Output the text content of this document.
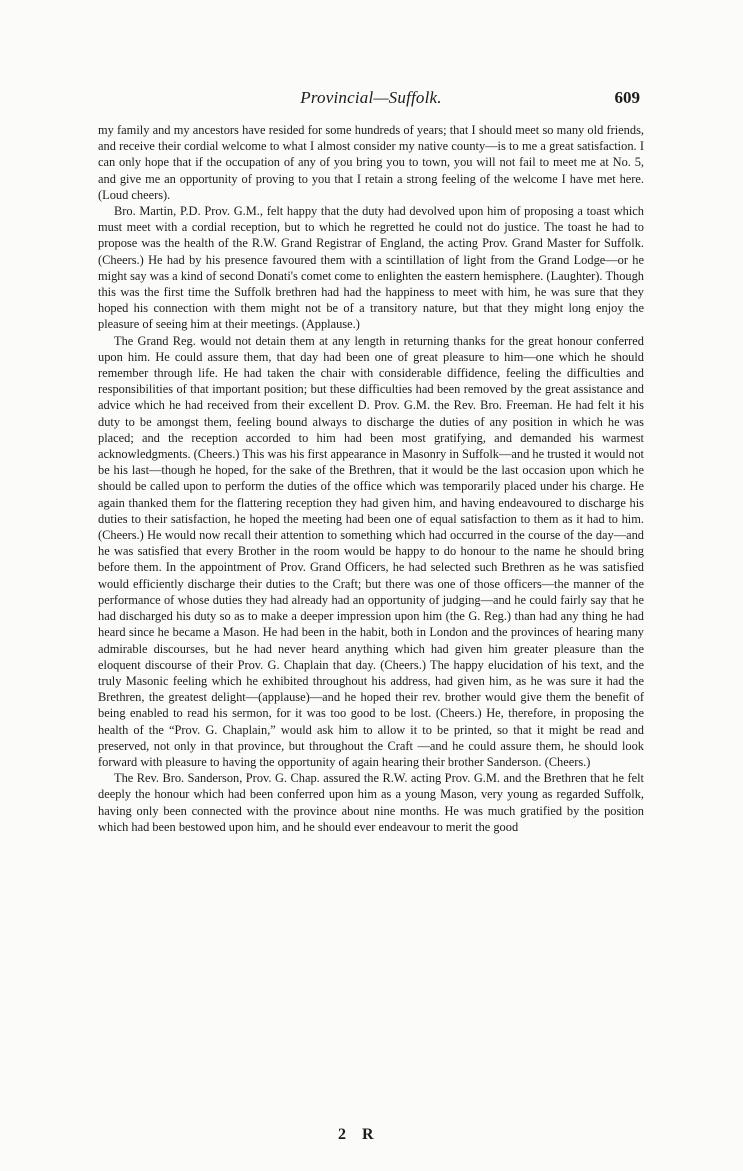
Provincial—Suffolk.	609

my family and my ancestors have resided for some hundreds of years; that I should meet so many old friends, and receive their cordial welcome to what I almost consider my native county—is to me a great satisfaction. I can only hope that if the occupation of any of you bring you to town, you will not fail to meet me at No. 5, and give me an opportunity of proving to you that I retain a strong feeling of the welcome I have met here. (Loud cheers).

Bro. Martin, P.D. Prov. G.M., felt happy that the duty had devolved upon him of proposing a toast which must meet with a cordial reception, but to which he regretted he could not do justice. The toast he had to propose was the health of the R.W. Grand Registrar of England, the acting Prov. Grand Master for Suffolk. (Cheers.) He had by his presence favoured them with a scintillation of light from the Grand Lodge—or he might say was a kind of second Donati's comet come to enlighten the eastern hemisphere. (Laughter). Though this was the first time the Suffolk brethren had had the happiness to meet with him, he was sure that they hoped his connection with them might not be of a transitory nature, but that they might long enjoy the pleasure of seeing him at their meetings. (Applause.)

The Grand Reg. would not detain them at any length in returning thanks for the great honour conferred upon him. He could assure them, that day had been one of great pleasure to him—one which he should remember through life. He had taken the chair with considerable diffidence, feeling the difficulties and responsibilities of that important position; but these difficulties had been removed by the great assistance and advice which he had received from their excellent D. Prov. G.M. the Rev. Bro. Freeman. He had felt it his duty to be amongst them, feeling bound always to discharge the duties of any position in which he was placed; and the reception accorded to him had been most gratifying, and demanded his warmest acknowledgments. (Cheers.) This was his first appearance in Masonry in Suffolk—and he trusted it would not be his last—though he hoped, for the sake of the Brethren, that it would be the last occasion upon which he should be called upon to perform the duties of the office which was temporarily placed under his charge. He again thanked them for the flattering reception they had given him, and having endeavoured to discharge his duties to their satisfaction, he hoped the meeting had been one of equal satisfaction to them as it had to him. (Cheers.) He would now recall their attention to something which had occurred in the course of the day—and he was satisfied that every Brother in the room would be happy to do honour to the name he should bring before them. In the appointment of Prov. Grand Officers, he had selected such Brethren as he was satisfied would efficiently discharge their duties to the Craft; but there was one of those officers—the manner of the performance of whose duties they had already had an opportunity of judging—and he could fairly say that he had discharged his duty so as to make a deeper impression upon him (the G. Reg.) than had any thing he had heard since he became a Mason. He had been in the habit, both in London and the provinces of hearing many admirable discourses, but he had never heard anything which had given him greater pleasure than the eloquent discourse of their Prov. G. Chaplain that day. (Cheers.) The happy elucidation of his text, and the truly Masonic feeling which he exhibited throughout his address, had given him, as he was sure it had the Brethren, the greatest delight—(applause)—and he hoped their rev. brother would give them the benefit of being enabled to read his sermon, for it was too good to be lost. (Cheers.) He, therefore, in proposing the health of the “Prov. G. Chaplain,” would ask him to allow it to be printed, so that it might be read and preserved, not only in that province, but throughout the Craft —and he could assure them, he should look forward with pleasure to having the opportunity of again hearing their brother Sanderson. (Cheers.)

The Rev. Bro. Sanderson, Prov. G. Chap. assured the R.W. acting Prov. G.M. and the Brethren that he felt deeply the honour which had been conferred upon him as a young Mason, very young as regarded Suffolk, having only been connected with the province about nine months. He was much gratified by the position which had been bestowed upon him, and he should ever endeavour to merit the good

2 R
